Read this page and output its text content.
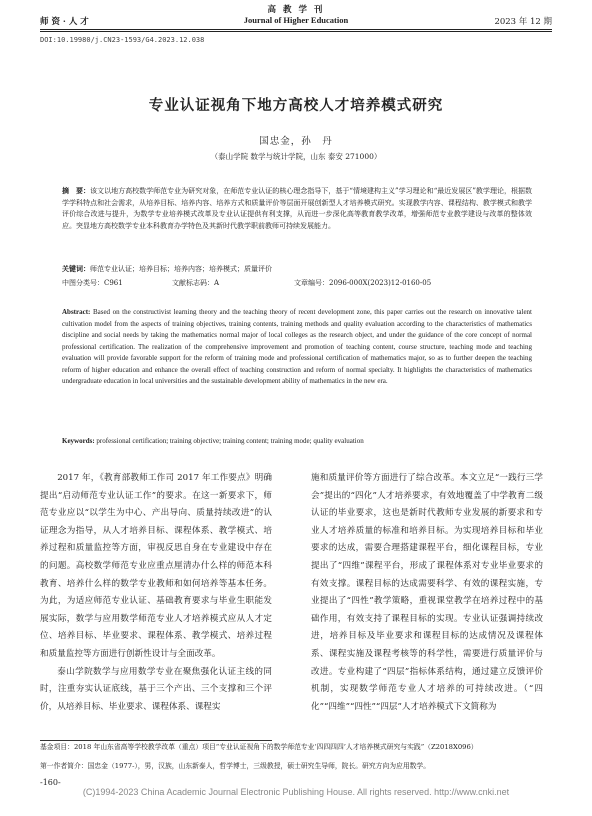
高 教 学 刊
师 资 · 人 才	Journal of Higher Education	2023 年 12 期
DOI:10.19980/j.CN23-1593/G4.2023.12.038
专业认证视角下地方高校人才培养模式研究
国忠金，孙　丹
（泰山学院 数学与统计学院，山东 泰安 271000）
摘　要：该文以地方高校数学师范专业为研究对象，在师范专业认证的核心理念指导下，基于“情境建构主义”学习理论和“最近发展区”教学理论，根据数学学科特点和社会需求，从培养目标、培养内容、培养方式和质量评价等层面开展创新型人才培养模式研究。实现教学内容、课程结构、教学模式和教学评价综合改进与提升，为数学专业培养模式改革及专业认证提供有利支撑，从而进一步深化高等教育教学改革，增强师范专业教学建设与改革的整体效应。突显地方高校数学专业本科教育办学特色及其新时代教学职前教师可持续发展能力。
关键词：师范专业认证；培养目标；培养内容；培养模式；质量评价
中图分类号：C961	文献标志码：A	文章编号：2096-000X(2023)12-0160-05
Abstract: Based on the constructivist learning theory and the teaching theory of recent development zone, this paper carries out the research on innovative talent cultivation model from the aspects of training objectives, training contents, training methods and quality evaluation according to the characteristics of mathematics discipline and social needs by taking the mathematics normal major of local colleges as the research object, and under the guidance of the core concept of normal professional certification. The realization of the comprehensive improvement and promotion of teaching content, course structure, teaching mode and teaching evaluation will provide favorable support for the reform of training mode and professional certification of mathematics major, so as to further deepen the teaching reform of higher education and enhance the overall effect of teaching construction and reform of normal specialty. It highlights the characteristics of mathematics undergraduate education in local universities and the sustainable development ability of mathematics in the new era.
Keywords: professional certification; training objective; training content; training mode; quality evaluation

2017 年，《教育部教师工作司 2017 年工作要点》明确提出“启动师范专业认证工作”的要求。在这一新要求下，师范专业应以“以学生为中心、产出导向、质量持续改进”的认证理念为指导，从人才培养目标、课程体系、教学模式、培养过程和质量监控等方面，审视反思自身在专业建设中存在的问题。高校数学师范专业应重点厘清办什么样的师范本科教育、培养什么样的数学专业教师和如何培养等基本任务。为此，为适应师范专业认证、基础教育要求与毕业生职能发展实际，数学与应用数学师范专业人才培养模式应从人才定位、培养目标、毕业要求、课程体系、教学模式、培养过程和质量监控等方面进行创新性设计与全面改革。

泰山学院数学与应用数学专业在聚焦强化认证主线的同时，注重夯实认证底线，基于三个产出、三个支撑和三个评价，从培养目标、毕业要求、课程体系、课程实

施和质量评价等方面进行了综合改革。本文立足“一践行三学会”提出的“四化”人才培养要求，有效地覆盖了中学教育二级认证的毕业要求，这也是新时代教师专业发展的新要求和专业人才培养质量的标准和培养目标。为实现培养目标和毕业要求的达成，需要合理搭建课程平台，细化课程目标，专业提出了“四维”课程平台，形成了课程体系对专业毕业要求的有效支撑。课程目标的达成需要科学、有效的课程实施，专业提出了“四性”教学策略，重视课堂教学在培养过程中的基础作用，有效支持了课程目标的实现。专业认证强调持续改进，培养目标及毕业要求和课程目标的达成情况及课程体系、课程实施及课程考核等的科学性，需要进行质量评价与改进。专业构建了“四层”指标体系结构，通过建立反馈评价机制，实现数学师范专业人才培养的可持续改进。（“四化”“四维”“四性”“四层”人才培养模式下文简称为

基金项目：2018 年山东省高等学校教学改革（重点）项目“专业认证视角下的数学师范专业‘四四四四’人才培养模式研究与实践”（Z2018X096）
第一作者简介：国忠金（1977-），男，汉族，山东新泰人，哲学博士，三级教授，硕士研究生导师，院长。研究方向为应用数学。
-160-
(C)1994-2023 China Academic Journal Electronic Publishing House. All rights reserved. http://www.cnki.net
